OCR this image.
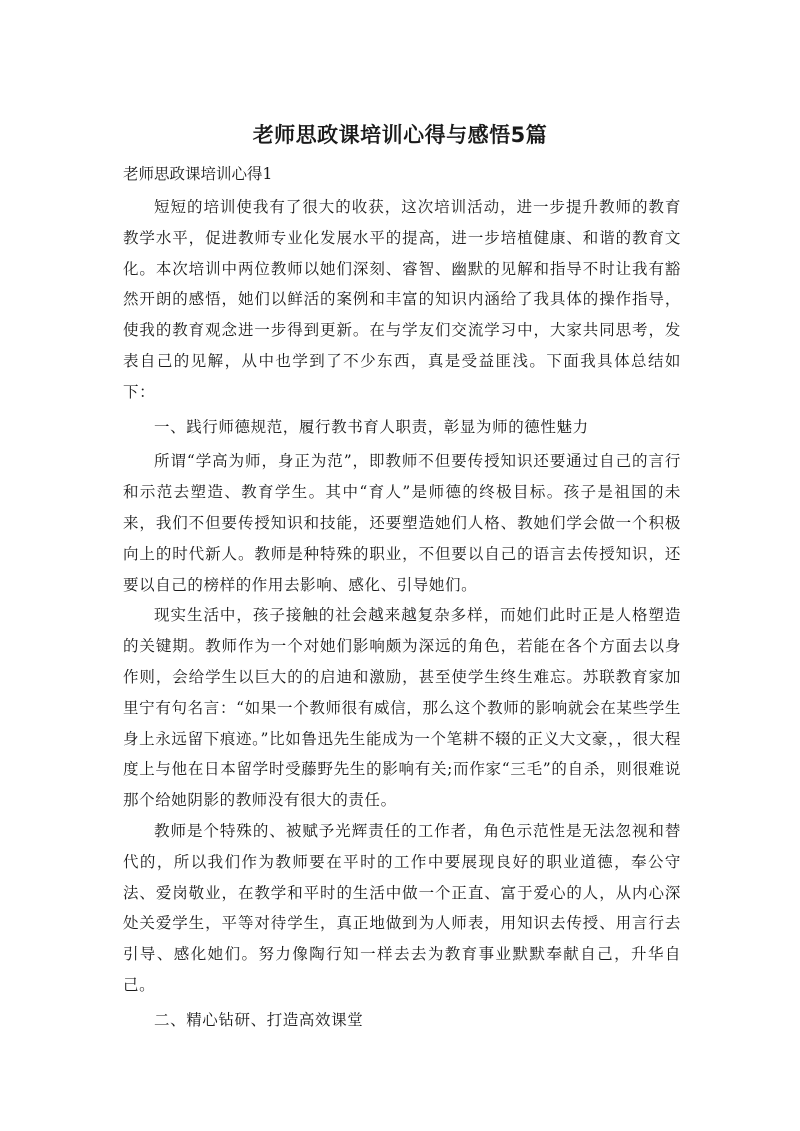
老师思政课培训心得与感悟5篇
老师思政课培训心得1

短短的培训使我有了很大的收获，这次培训活动，进一步提升教师的教育教学水平，促进教师专业化发展水平的提高，进一步培植健康、和谐的教育文化。本次培训中两位教师以她们深刻、睿智、幽默的见解和指导不时让我有豁然开朗的感悟，她们以鲜活的案例和丰富的知识内涵给了我具体的操作指导，使我的教育观念进一步得到更新。在与学友们交流学习中，大家共同思考，发表自己的见解，从中也学到了不少东西，真是受益匪浅。下面我具体总结如下：

一、践行师德规范，履行教书育人职责，彰显为师的德性魅力

所谓“学高为师，身正为范”，即教师不但要传授知识还要通过自己的言行和示范去塑造、教育学生。其中“育人”是师德的终极目标。孩子是祖国的未来，我们不但要传授知识和技能，还要塑造她们人格、教她们学会做一个积极向上的时代新人。教师是种特殊的职业，不但要以自己的语言去传授知识，还要以自己的榜样的作用去影响、感化、引导她们。

现实生活中，孩子接触的社会越来越复杂多样，而她们此时正是人格塑造的关键期。教师作为一个对她们影响颇为深远的角色，若能在各个方面去以身作则，会给学生以巨大的的启迪和激励，甚至使学生终生难忘。苏联教育家加里宁有句名言：“如果一个教师很有威信，那么这个教师的影响就会在某些学生身上永远留下痕迹。”比如鲁迅先生能成为一个笔耕不辍的正义大文豪，，很大程度上与他在日本留学时受藤野先生的影响有关;而作家“三毛”的自杀，则很难说那个给她阴影的教师没有很大的责任。

教师是个特殊的、被赋予光辉责任的工作者，角色示范性是无法忽视和替代的，所以我们作为教师要在平时的工作中要展现良好的职业道德，奉公守法、爱岗敬业，在教学和平时的生活中做一个正直、富于爱心的人，从内心深处关爱学生，平等对待学生，真正地做到为人师表，用知识去传授、用言行去引导、感化她们。努力像陶行知一样去去为教育事业默默奉献自己，升华自己。

二、精心钻研、打造高效课堂
